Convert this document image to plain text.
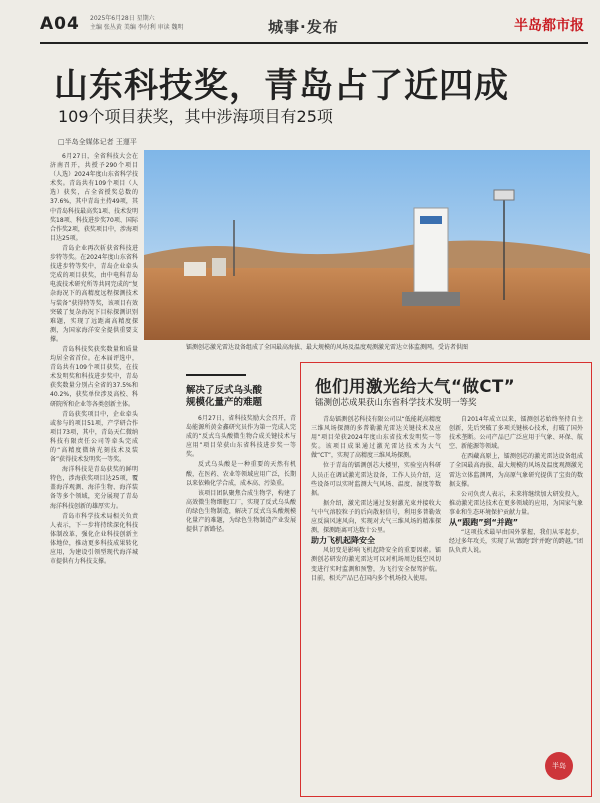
A04 2025年6月28日 星期六
主编 张丛黄 美编 李付利 审读 魏明	城事·发布	半岛都市报
山东科技奖，青岛占了近四成
109个项目获奖，其中涉海项目有25项
□半岛全媒体记者 王運平

6月27日，全省科技大会在济南召开，共授予290个项目（人选）2024年度山东省科学技术奖。青岛共有109个项目（人选）获奖，占全省授奖总数的37.6%，其中青岛主持49项，其中青岛科技最高奖1项、技术发明奖18项、科技进步奖70项、国际合作奖2项，获奖项目中，涉海项目达25项。

青岛企业再次斩获省科技进步特等奖。在2024年度山东省科技进步特等奖中，青岛企业牵头完成的项目获奖，由中电科青岛电波技术研究所等共同完成的“复杂海况下的高精度远程探测技术与装备”获得特等奖，该项目有效突破了复杂海况下目标探测识别难题，实现了远距离高精度探测，为国家海洋安全提供重要支撑。

青岛科技奖获奖数量和质量均居全省首位。在本届评选中，青岛共有109个项目获奖，在技术发明奖和科技进步奖中，青岛获奖数量分别占全省的37.5%和40.2%，获奖单位涉及高校、科研院所和企业等各类创新主体。

青岛获奖项目中，企业牵头或参与的项目51项，产学研合作项目73项，其中，青岛天仁微纳科技有限责任公司等牵头完成的“高精度微纳光刻技术及装备”获得技术发明奖一等奖。

海洋科技是青岛获奖的鲜明特色，涉海获奖项目达25项，覆盖海洋观测、海洋生物、海洋装备等多个领域，充分展现了青岛海洋科技创新的雄厚实力。

青岛市科学技术局相关负责人表示，下一步将持续深化科技体制改革，强化企业科技创新主体地位，推动更多科技成果转化应用，为建设引领型现代海洋城市提供有力科技支撑。

镭测创芯激光雷达设备组成了全国最高海拔、最大规模的风场及温度观测激光雷达立体监测网。受访者供图
解决了反式乌头酸
规模化量产的难题

6月27日，省科技奖励大会召开，青岛能源所黄金鑫研究员作为第一完成人完成的“反式乌头酸微生物合成关键技术与应用”项目荣获山东省科技进步奖一等奖。

反式乌头酸是一种重要的天然有机酸，在医药、农业等领域应用广泛，长期以来依赖化学合成，成本高、污染重。

该项目团队聚焦合成生物学，构建了高效微生物细胞工厂，实现了反式乌头酸的绿色生物制造，解决了反式乌头酸规模化量产的难题，为绿色生物制造产业发展提供了新路径。

他们用激光给大气“做CT”
镭测创芯成果获山东省科学技术发明一等奖

青岛镭测创芯科技有限公司以“低能耗高精度三维风场探测的多普勒激光雷达关键技术及应用”项目荣获2024年度山东省技术发明奖一等奖。该项目成果通过激光雷达技术为大气做“CT”，实现了高精度三维风场探测。

位于青岛的镭测创芯大楼里，实验室内科研人员正在调试激光雷达设备，工作人员介绍，这些设备可以实时监测大气风场、温度、湿度等数据。

据介绍，激光雷达通过发射激光束并接收大气中气溶胶粒子的后向散射信号，利用多普勒效应反演风速风向，实现对大气三维风场的精准探测，探测距离可达数十公里。

助力飞机起降安全

风切变是影响飞机起降安全的重要因素。镭测创芯研发的激光雷达可以对机场周边低空风切变进行实时监测和预警，为飞行安全保驾护航。目前，相关产品已在国内多个机场投入使用。

自2014年成立以来，镭测创芯始终坚持自主创新，先后突破了多项关键核心技术，打破了国外技术垄断。公司产品已广泛应用于气象、环保、航空、新能源等领域。

在西藏高原上，镭测创芯的激光雷达设备组成了全国最高海拔、最大规模的风场及温度观测激光雷达立体监测网，为高原气象研究提供了宝贵的数据支撑。

公司负责人表示，未来将继续加大研发投入，推动激光雷达技术在更多领域的应用，为国家气象事业和生态环境保护贡献力量。

从“跟跑”到“并跑”

“这项技术最早由国外掌握，我们从零起步，经过多年攻关，实现了从‘跟跑’到‘并跑’的跨越。”团队负责人说。

半岛
